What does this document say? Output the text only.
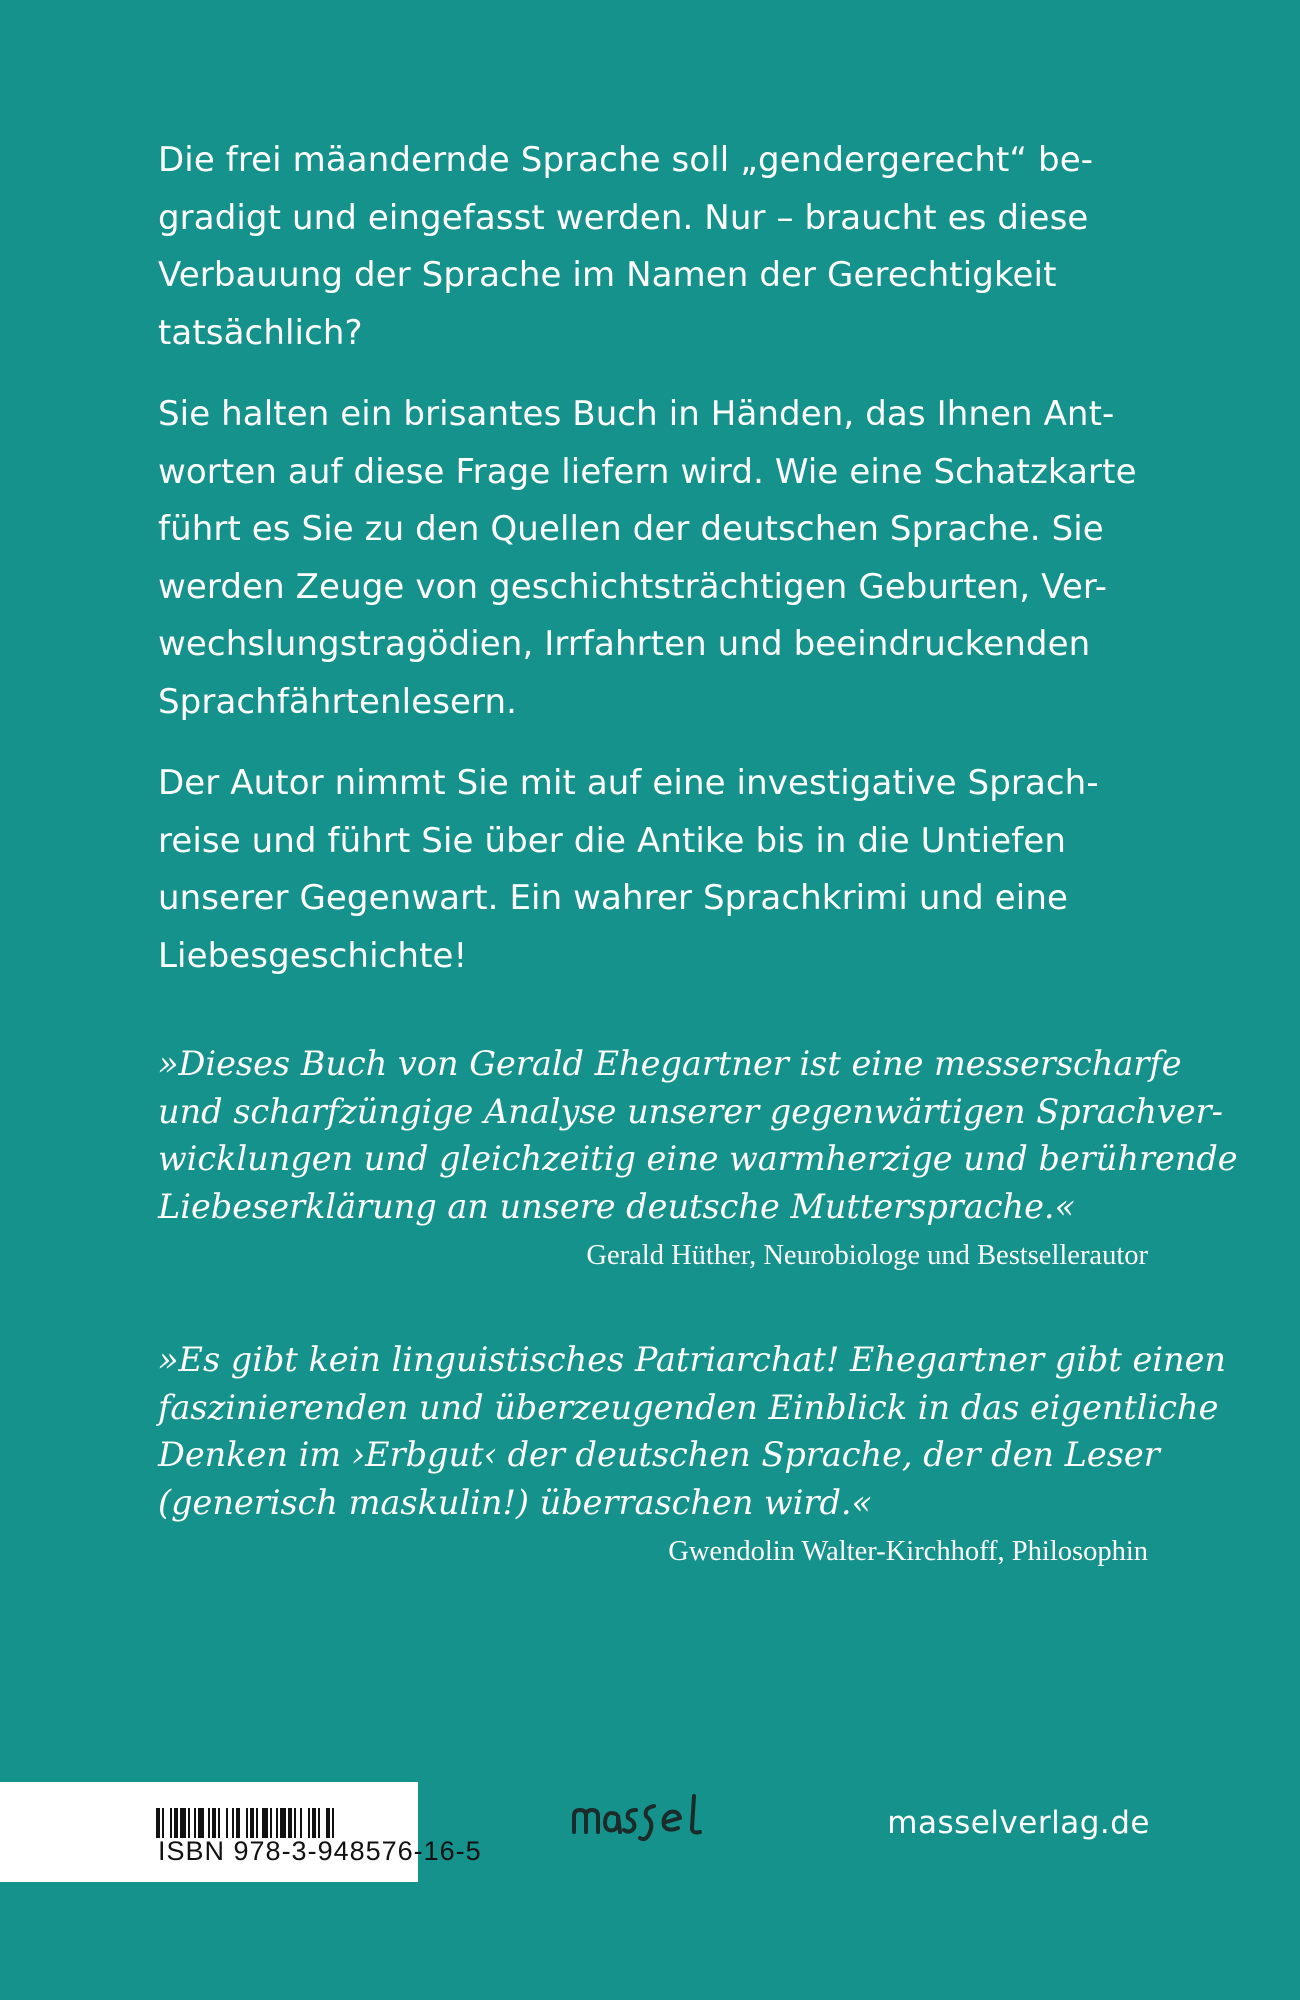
Die frei mäandernde Sprache soll „gendergerecht“ be-
gradigt und eingefasst werden. Nur – braucht es diese
Verbauung der Sprache im Namen der Gerechtigkeit
tatsächlich?

Sie halten ein brisantes Buch in Händen, das Ihnen Ant-
worten auf diese Frage liefern wird. Wie eine Schatzkarte
führt es Sie zu den Quellen der deutschen Sprache. Sie
werden Zeuge von geschichtsträchtigen Geburten, Ver-
wechslungstragödien, Irrfahrten und beeindruckenden
Sprachfährtenlesern.

Der Autor nimmt Sie mit auf eine investigative Sprach-
reise und führt Sie über die Antike bis in die Untiefen
unserer Gegenwart. Ein wahrer Sprachkrimi und eine
Liebesgeschichte!

»Dieses Buch von Gerald Ehegartner ist eine messerscharfe
und scharfzüngige Analyse unserer gegenwärtigen Sprachver-
wicklungen und gleichzeitig eine warmherzige und berührende
Liebeserklärung an unsere deutsche Muttersprache.«

Gerald Hüther, Neurobiologe und Bestsellerautor

»Es gibt kein linguistisches Patriarchat! Ehegartner gibt einen
faszinierenden und überzeugenden Einblick in das eigentliche
Denken im ›Erbgut‹ der deutschen Sprache, der den Leser
(generisch maskulin!) überraschen wird.«

Gwendolin Walter-Kirchhoff, Philosophin
ISBN 978-3-948576-16-5
masselverlag.de
